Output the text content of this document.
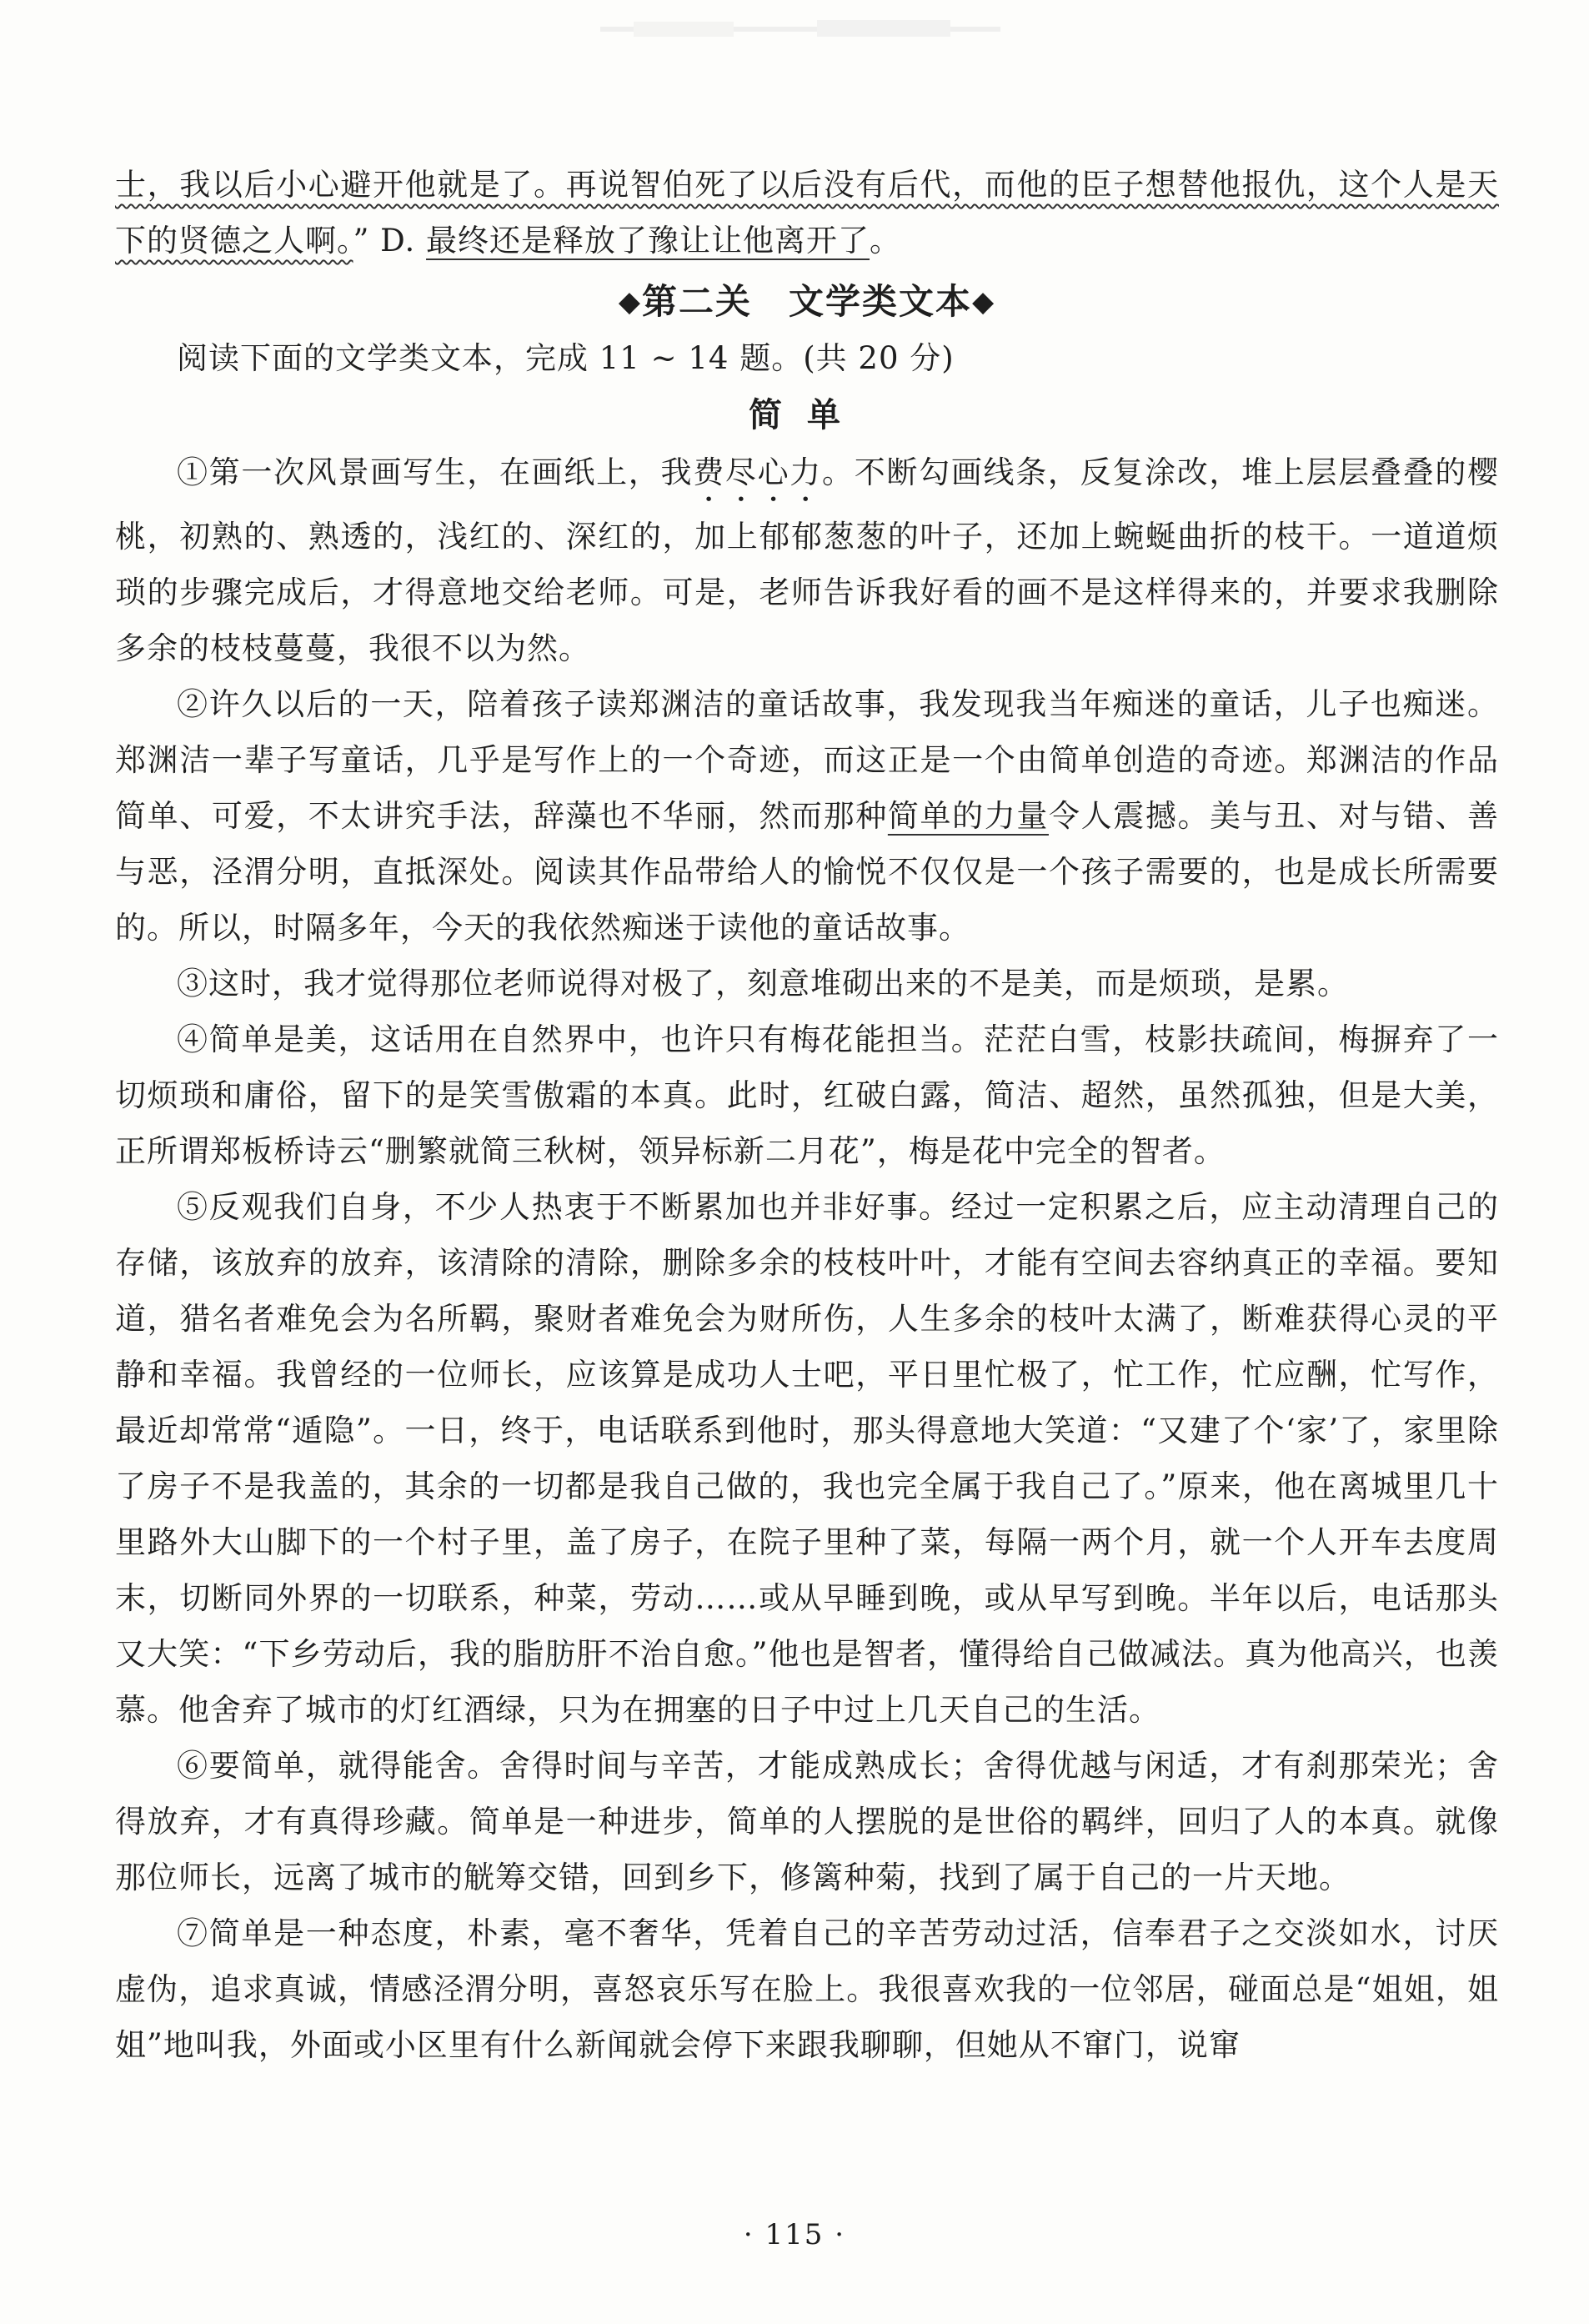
士，我以后小心避开他就是了。再说智伯死了以后没有后代，而他的臣子想替他报仇，这个人是天下的贤德之人啊。” D. 最终还是释放了豫让让他离开了。

◆第二关 文学类文本◆

阅读下面的文学类文本，完成 11 ~ 14 题。(共 20 分)

简单

①第一次风景画写生，在画纸上，我费尽心力。不断勾画线条，反复涂改，堆上层层叠叠的樱桃，初熟的、熟透的，浅红的、深红的，加上郁郁葱葱的叶子，还加上蜿蜒曲折的枝干。一道道烦琐的步骤完成后，才得意地交给老师。可是，老师告诉我好看的画不是这样得来的，并要求我删除多余的枝枝蔓蔓，我很不以为然。

②许久以后的一天，陪着孩子读郑渊洁的童话故事，我发现我当年痴迷的童话，儿子也痴迷。郑渊洁一辈子写童话，几乎是写作上的一个奇迹，而这正是一个由简单创造的奇迹。郑渊洁的作品简单、可爱，不太讲究手法，辞藻也不华丽，然而那种简单的力量令人震撼。美与丑、对与错、善与恶，泾渭分明，直抵深处。阅读其作品带给人的愉悦不仅仅是一个孩子需要的，也是成长所需要的。所以，时隔多年，今天的我依然痴迷于读他的童话故事。

③这时，我才觉得那位老师说得对极了，刻意堆砌出来的不是美，而是烦琐，是累。

④简单是美，这话用在自然界中，也许只有梅花能担当。茫茫白雪，枝影扶疏间，梅摒弃了一切烦琐和庸俗，留下的是笑雪傲霜的本真。此时，红破白露，简洁、超然，虽然孤独，但是大美，正所谓郑板桥诗云“删繁就简三秋树，领异标新二月花”，梅是花中完全的智者。

⑤反观我们自身，不少人热衷于不断累加也并非好事。经过一定积累之后，应主动清理自己的存储，该放弃的放弃，该清除的清除，删除多余的枝枝叶叶，才能有空间去容纳真正的幸福。要知道，猎名者难免会为名所羁，聚财者难免会为财所伤，人生多余的枝叶太满了，断难获得心灵的平静和幸福。我曾经的一位师长，应该算是成功人士吧，平日里忙极了，忙工作，忙应酬，忙写作，最近却常常“遁隐”。一日，终于，电话联系到他时，那头得意地大笑道：“又建了个‘家’了，家里除了房子不是我盖的，其余的一切都是我自己做的，我也完全属于我自己了。”原来，他在离城里几十里路外大山脚下的一个村子里，盖了房子，在院子里种了菜，每隔一两个月，就一个人开车去度周末，切断同外界的一切联系，种菜，劳动……或从早睡到晚，或从早写到晚。半年以后，电话那头又大笑：“下乡劳动后，我的脂肪肝不治自愈。”他也是智者，懂得给自己做减法。真为他高兴，也羡慕。他舍弃了城市的灯红酒绿，只为在拥塞的日子中过上几天自己的生活。

⑥要简单，就得能舍。舍得时间与辛苦，才能成熟成长；舍得优越与闲适，才有刹那荣光；舍得放弃，才有真得珍藏。简单是一种进步，简单的人摆脱的是世俗的羁绊，回归了人的本真。就像那位师长，远离了城市的觥筹交错，回到乡下，修篱种菊，找到了属于自己的一片天地。

⑦简单是一种态度，朴素，毫不奢华，凭着自己的辛苦劳动过活，信奉君子之交淡如水，讨厌虚伪，追求真诚，情感泾渭分明，喜怒哀乐写在脸上。我很喜欢我的一位邻居，碰面总是“姐姐，姐姐”地叫我，外面或小区里有什么新闻就会停下来跟我聊聊，但她从不窜门，说窜

· 115 ·
